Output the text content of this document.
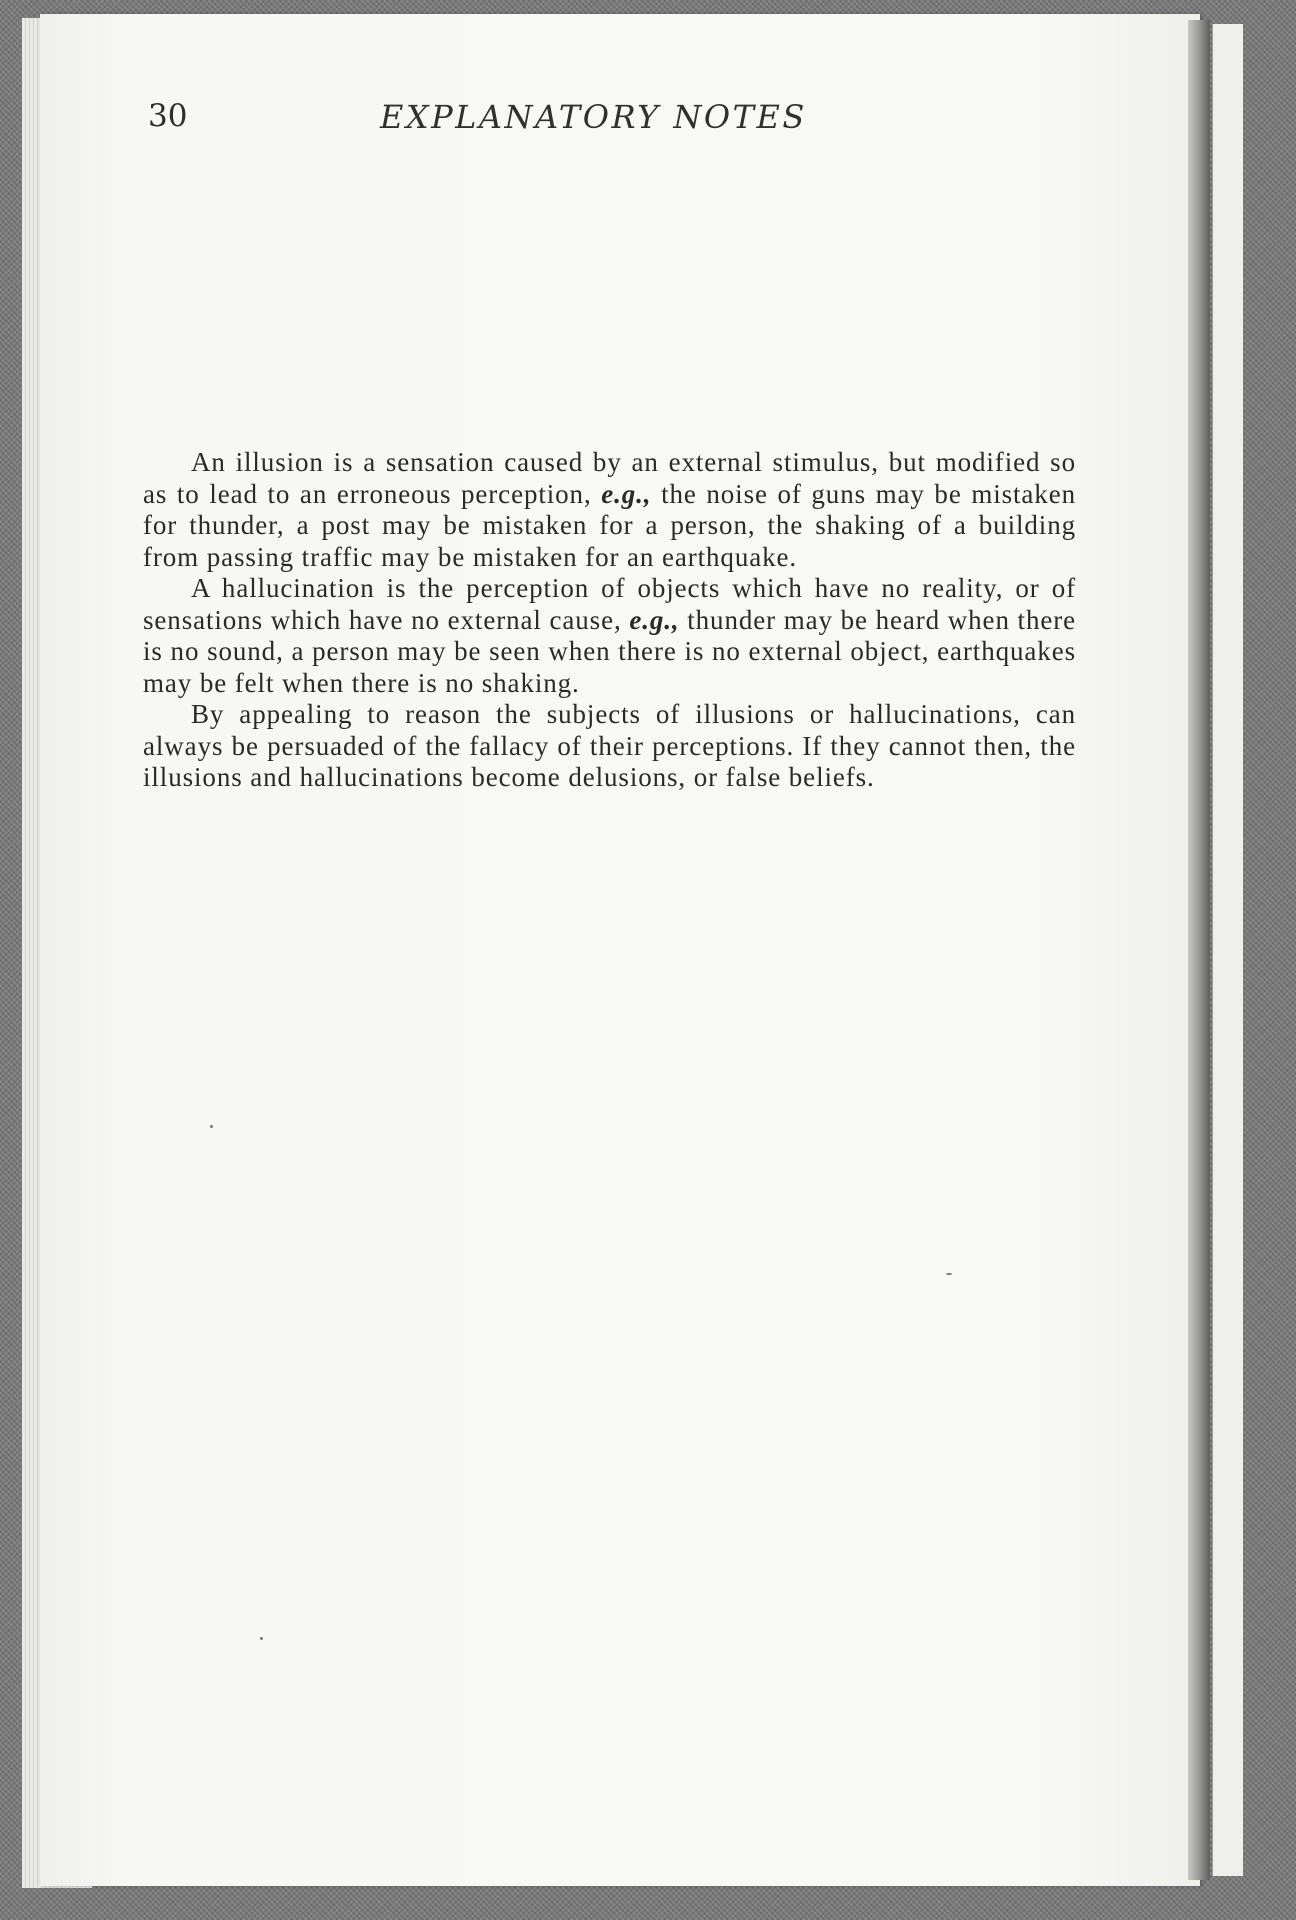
30	EXPLANATORY NOTES

An illusion is a sensation caused by an external stimulus, but modified so as to lead to an erroneous perception, e.g., the noise of guns may be mistaken for thunder, a post may be mistaken for a person, the shaking of a building from passing traffic may be mistaken for an earthquake.

A hallucination is the perception of objects which have no reality, or of sensations which have no external cause, e.g., thunder may be heard when there is no sound, a person may be seen when there is no external object, earthquakes may be felt when there is no shaking.

By appealing to reason the subjects of illusions or hallucinations, can always be persuaded of the fallacy of their perceptions. If they cannot then, the illusions and hallucinations become delusions, or false beliefs.
